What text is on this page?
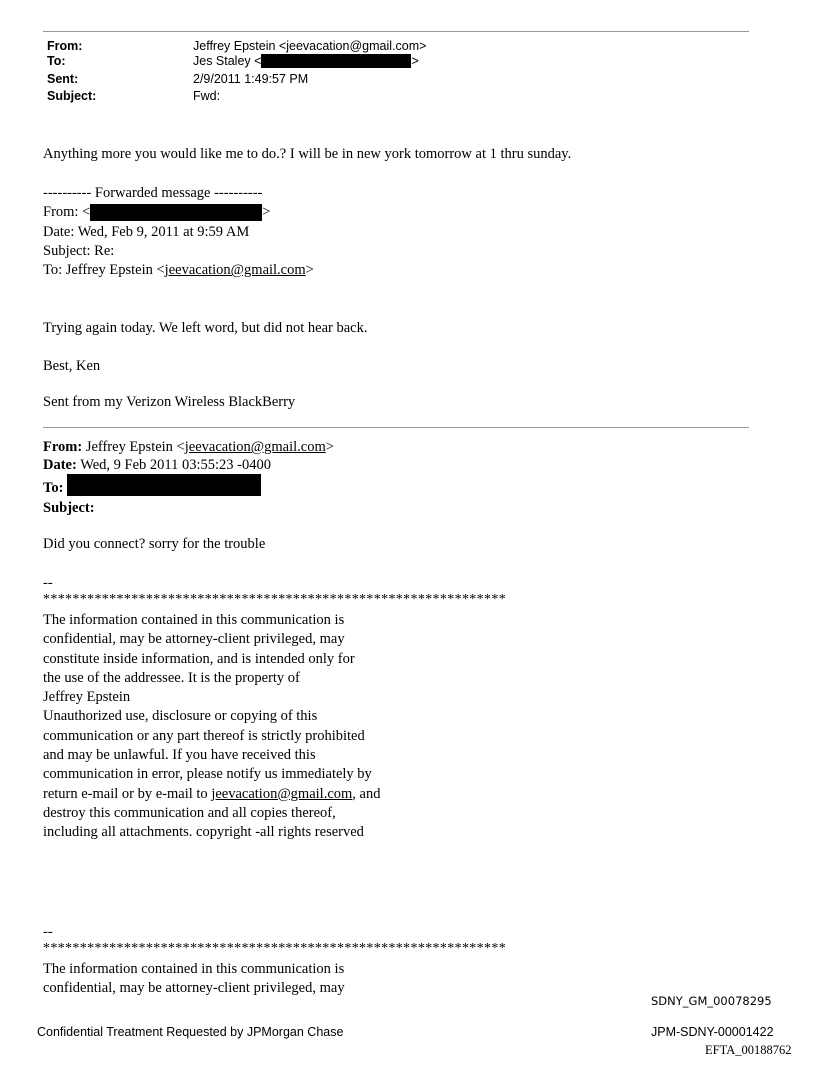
From:	Jeffrey Epstein <jeevacation@gmail.com>
To:	Jes Staley <	>
Sent:	2/9/2011 1:49:57 PM
Subject:	Fwd:
Anything more you would like me to do.? I will be in new york tomorrow at 1 thru sunday.
---------- Forwarded message ----------
From: <	>
Date: Wed, Feb 9, 2011 at 9:59 AM
Subject: Re:
To: Jeffrey Epstein <jeevacation@gmail.com>
Trying again today. We left word, but did not hear back.
Best, Ken
Sent from my Verizon Wireless BlackBerry
From: Jeffrey Epstein <jeevacation@gmail.com>
Date: Wed, 9 Feb 2011 03:55:23 -0400
To:
Subject:
Did you connect? sorry for the trouble
--
***************************************************************
The information contained in this communication is
confidential, may be attorney-client privileged, may
constitute inside information, and is intended only for
the use of the addressee. It is the property of
Jeffrey Epstein
Unauthorized use, disclosure or copying of this
communication or any part thereof is strictly prohibited
and may be unlawful. If you have received this
communication in error, please notify us immediately by
return e-mail or by e-mail to jeevacation@gmail.com, and
destroy this communication and all copies thereof,
including all attachments. copyright -all rights reserved
--
***************************************************************
The information contained in this communication is
confidential, may be attorney-client privileged, may
SDNY_GM_00078295
Confidential Treatment Requested by JPMorgan Chase	JPM-SDNY-00001422
EFTA_00188762
